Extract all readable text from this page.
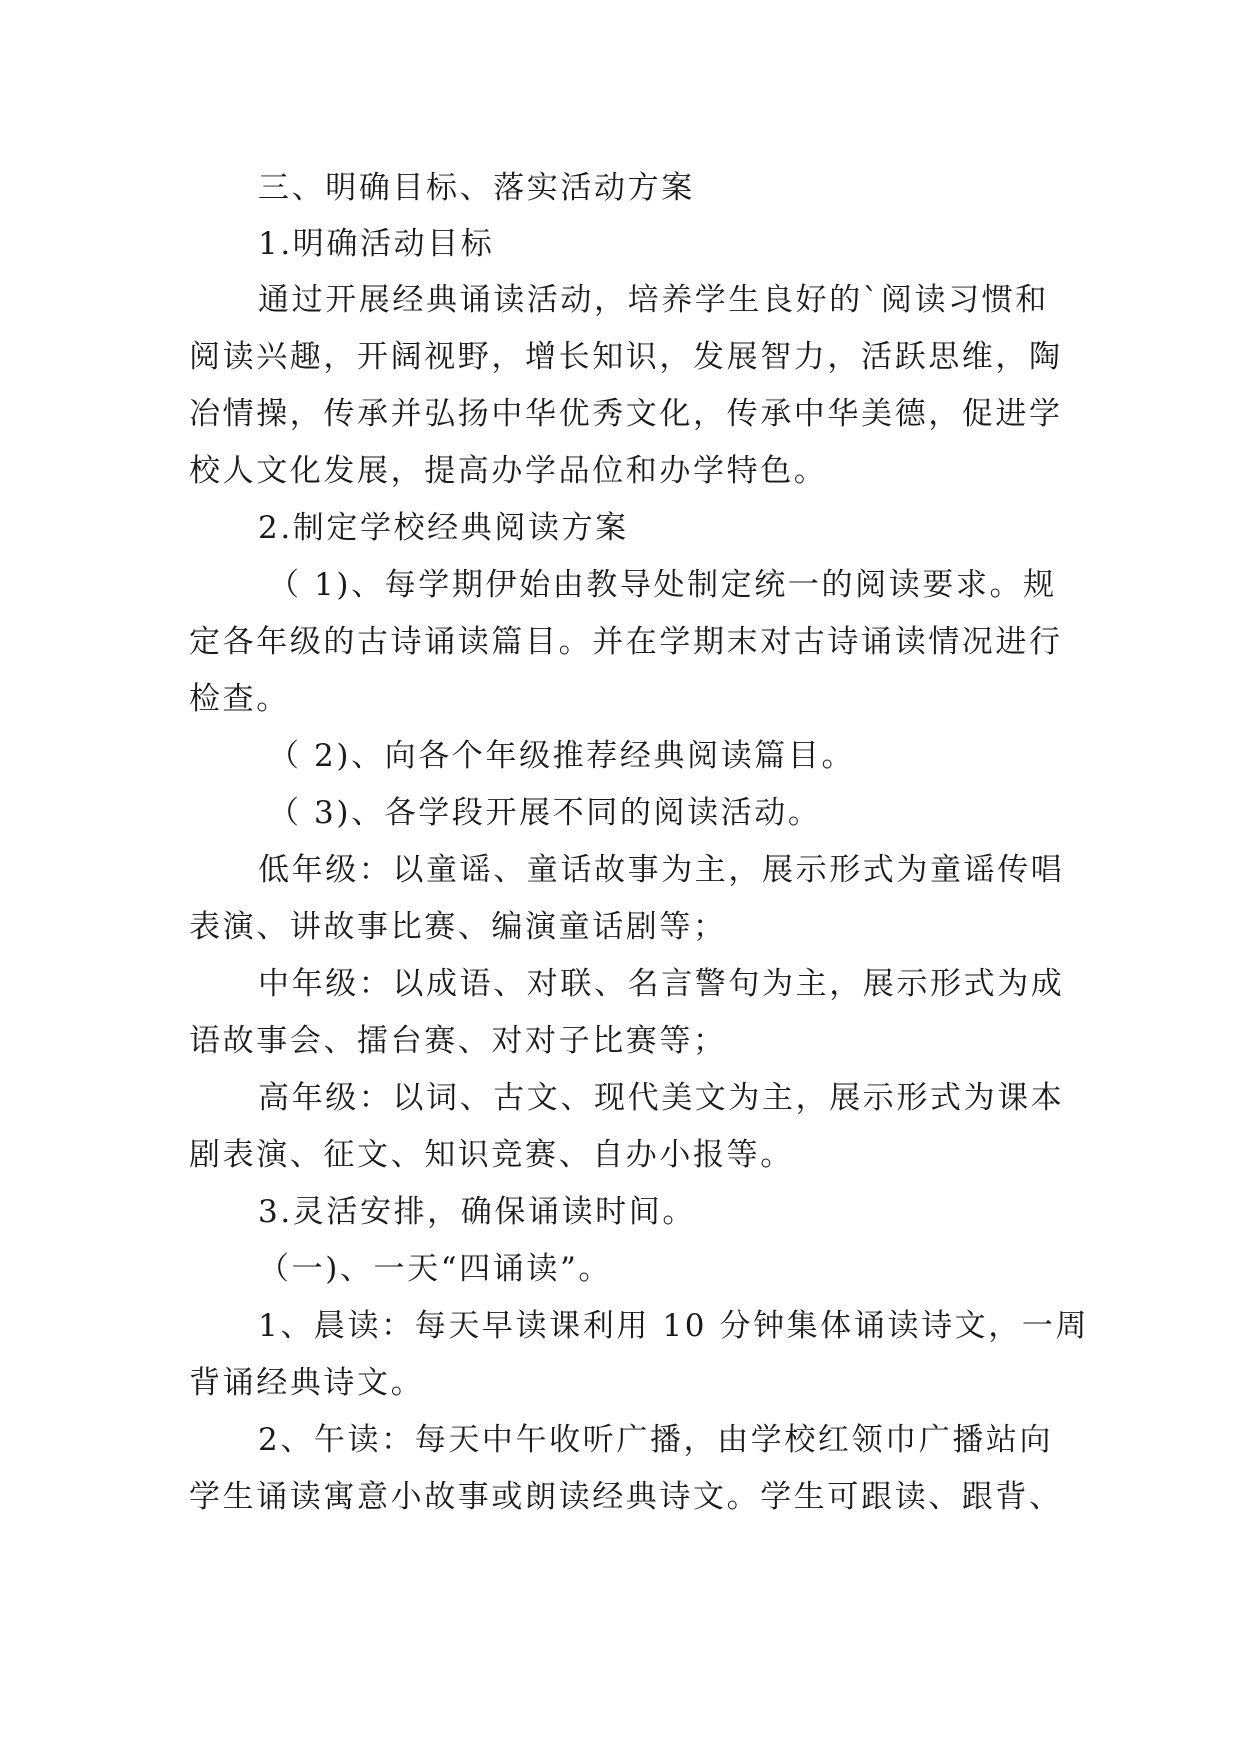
三、明确目标、落实活动方案
1.明确活动目标
通过开展经典诵读活动，培养学生良好的`阅读习惯和
阅读兴趣，开阔视野，增长知识，发展智力，活跃思维，陶
冶情操，传承并弘扬中华优秀文化，传承中华美德，促进学
校人文化发展，提高办学品位和办学特色。
2.制定学校经典阅读方案
（ 1)、每学期伊始由教导处制定统一的阅读要求。规
定各年级的古诗诵读篇目。并在学期末对古诗诵读情况进行
检查。
（ 2)、向各个年级推荐经典阅读篇目。
（ 3)、各学段开展不同的阅读活动。
低年级：以童谣、童话故事为主，展示形式为童谣传唱
表演、讲故事比赛、编演童话剧等；
中年级：以成语、对联、名言警句为主，展示形式为成
语故事会、擂台赛、对对子比赛等；
高年级：以词、古文、现代美文为主，展示形式为课本
剧表演、征文、知识竞赛、自办小报等。
3.灵活安排，确保诵读时间。
（一)、一天“四诵读”。
1、晨读：每天早读课利用 10 分钟集体诵读诗文，一周
背诵经典诗文。
2、午读：每天中午收听广播，由学校红领巾广播站向
学生诵读寓意小故事或朗读经典诗文。学生可跟读、跟背、
